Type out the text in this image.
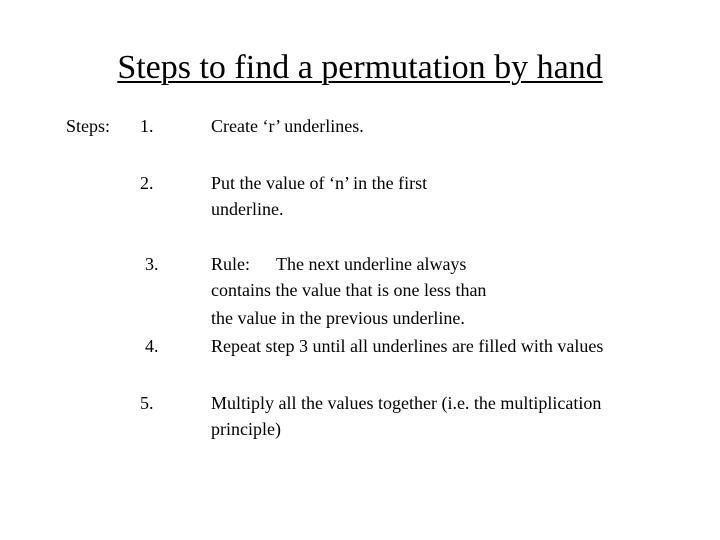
Steps to find a permutation by hand
Steps: 1.	Create ‘r’ underlines.
2.	Put the value of ‘n’ in the first
underline.
3.	Rule: The next underline always
contains the value that is one less than
the value in the previous underline.
4.	Repeat step 3 until all underlines are filled with values
5.	Multiply all the values together (i.e. the multiplication
principle)
